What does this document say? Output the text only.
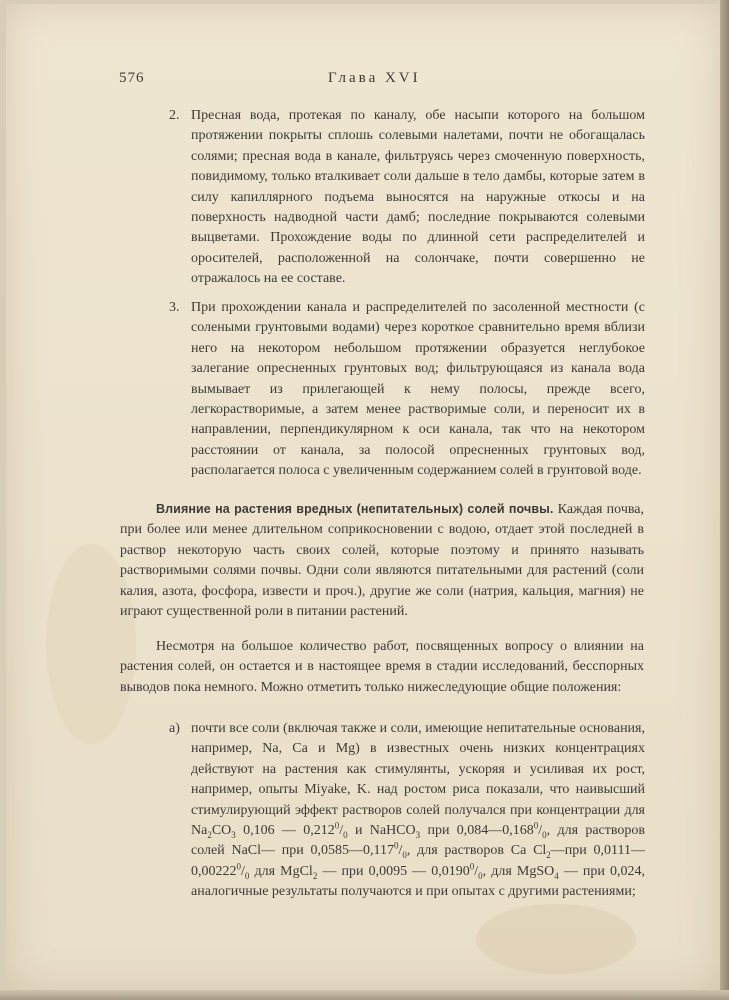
576	Глава XVI
2. Пресная вода, протекая по каналу, обе насыпи которого на большом протяжении покрыты сплошь солевыми налетами, почти не обогащалась солями; пресная вода в канале, фильтруясь через смоченную поверхность, повидимому, только вталкивает соли дальше в тело дамбы, которые затем в силу капиллярного подъема выносятся на наружные откосы и на поверхность надводной части дамб; последние покрываются солевыми выцветами. Прохождение воды по длинной сети распределителей и оросителей, расположенной на солончаке, почти совершенно не отражалось на ее составе.
3. При прохождении канала и распределителей по засоленной местности (с солеными грунтовыми водами) через короткое сравнительно время вблизи него на некотором небольшом протяжении образуется неглубокое залегание опресненных грунтовых вод; фильтрующаяся из канала вода вымывает из прилегающей к нему полосы, прежде всего, легкорастворимые, а затем менее растворимые соли, и переносит их в направлении, перпендикулярном к оси канала, так что на некотором расстоянии от канала, за полосой опресненных грунтовых вод, располагается полоса с увеличенным содержанием солей в грунтовой воде.

Влияние на растения вредных (непитательных) солей почвы. Каждая почва, при более или менее длительном соприкосновении с водою, отдает этой последней в раствор некоторую часть своих солей, которые поэтому и принято называть растворимыми солями почвы. Одни соли являются питательными для растений (соли калия, азота, фосфора, извести и проч.), другие же соли (натрия, кальция, магния) не играют существенной роли в питании растений.

Несмотря на большое количество работ, посвященных вопросу о влиянии на растения солей, он остается и в настоящее время в стадии исследований, бесспорных выводов пока немного. Можно отметить только нижеследующие общие положения:

а) почти все соли (включая также и соли, имеющие непитательные основания, например, Na, Ca и Mg) в известных очень низких концентрациях действуют на растения как стимулянты, ускоряя и усиливая их рост, например, опыты Miyake, K. над ростом риса показали, что наивысший стимулирующий эффект растворов солей получался при концентрации для $Na_2CO_3$ 0,106 — $0,212^0/_0$ и NaHCO$_3$ при $0,084—0,168^0/_0$, для растворов солей NaCl— при $0,0585—0,117^0/_0$, для растворов Ca $Cl_2—при$ $0,0111—0,00222^0/_0$ для MgCl$_2$ — при 0,0095 — $0,0190^0/_0$, для MgSO$_4$ — при 0,024, аналогичные результаты получаются и при опытах с другими растениями;
